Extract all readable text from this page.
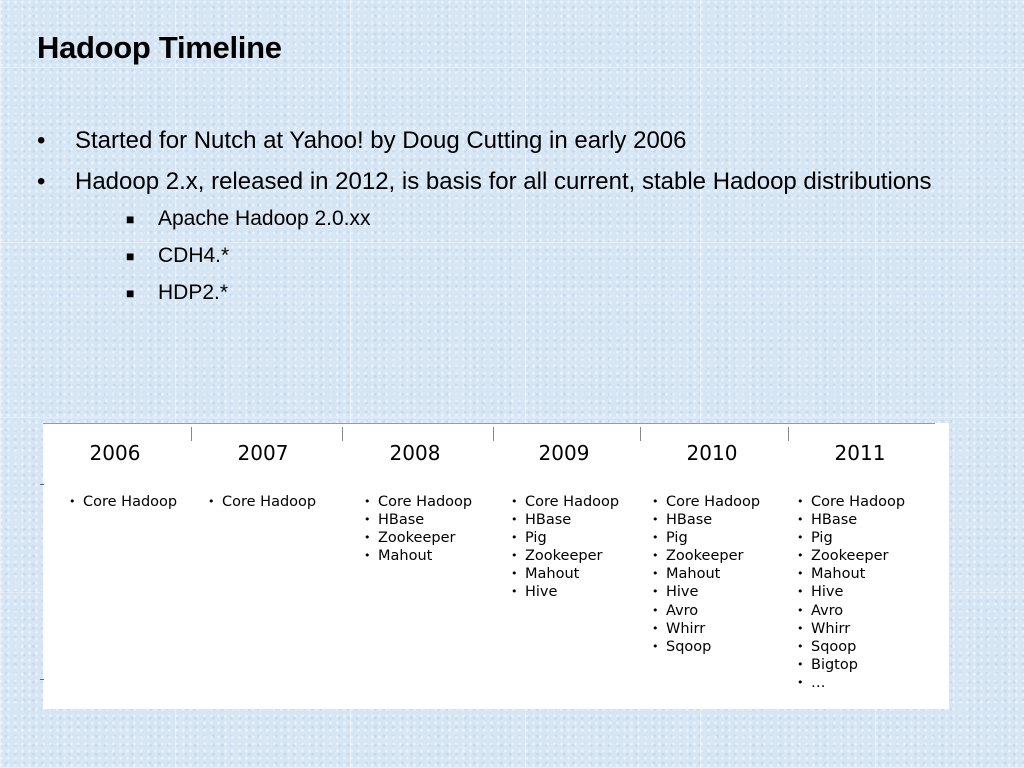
Hadoop Timeline
•	Started for Nutch at Yahoo! by Doug Cutting in early 2006
•	Hadoop 2.x, released in 2012, is basis for all current, stable Hadoop distributions
■ Apache Hadoop 2.0.xx
■ CDH4.*
■ HDP2.*
2006
• Core Hadoop
2007
• Core Hadoop
2008
• Core Hadoop
• HBase
• Zookeeper
• Mahout
2009
• Core Hadoop
• HBase
• Pig
• Zookeeper
• Mahout
• Hive
2010
• Core Hadoop
• HBase
• Pig
• Zookeeper
• Mahout
• Hive
• Avro
• Whirr
• Sqoop
2011
• Core Hadoop
• HBase
• Pig
• Zookeeper
• Mahout
• Hive
• Avro
• Whirr
• Sqoop
• Bigtop
• …
7
